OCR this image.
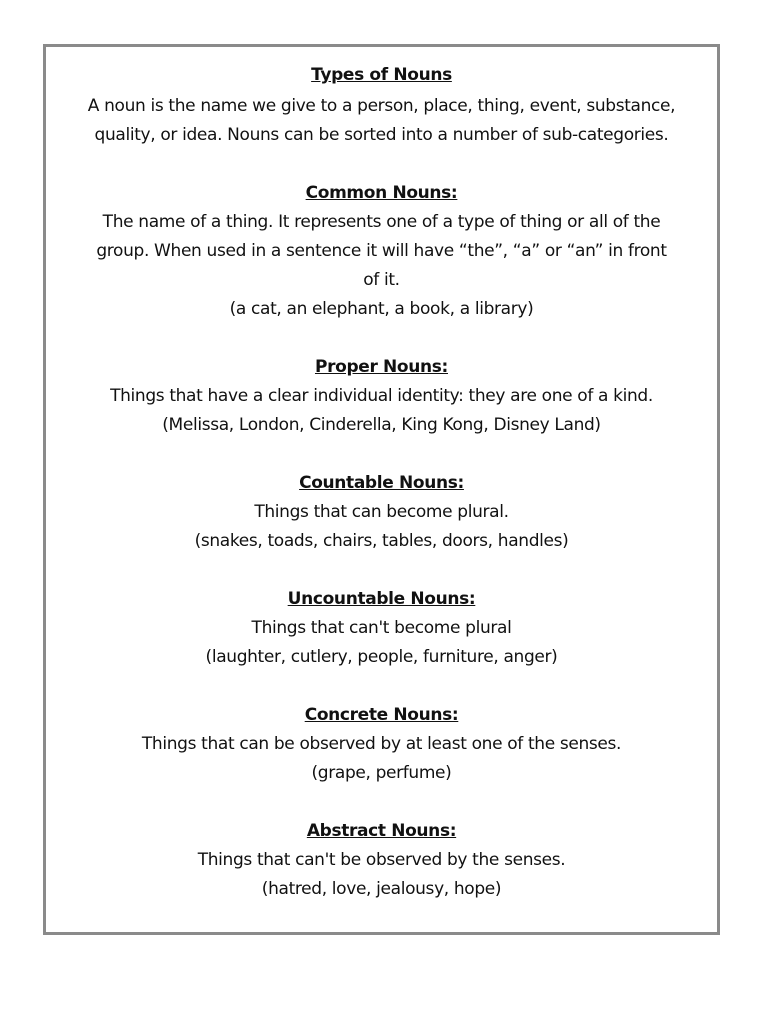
Types of Nouns
A noun is the name we give to a person, place, thing, event, substance,
quality, or idea. Nouns can be sorted into a number of sub-categories.
Common Nouns:
The name of a thing. It represents one of a type of thing or all of the
group. When used in a sentence it will have “the”, “a” or “an” in front
of it.
(a cat, an elephant, a book, a library)
Proper Nouns:
Things that have a clear individual identity: they are one of a kind.
(Melissa, London, Cinderella, King Kong, Disney Land)
Countable Nouns:
Things that can become plural.
(snakes, toads, chairs, tables, doors, handles)
Uncountable Nouns:
Things that can't become plural
(laughter, cutlery, people, furniture, anger)
Concrete Nouns:
Things that can be observed by at least one of the senses.
(grape, perfume)
Abstract Nouns:
Things that can't be observed by the senses.
(hatred, love, jealousy, hope)
